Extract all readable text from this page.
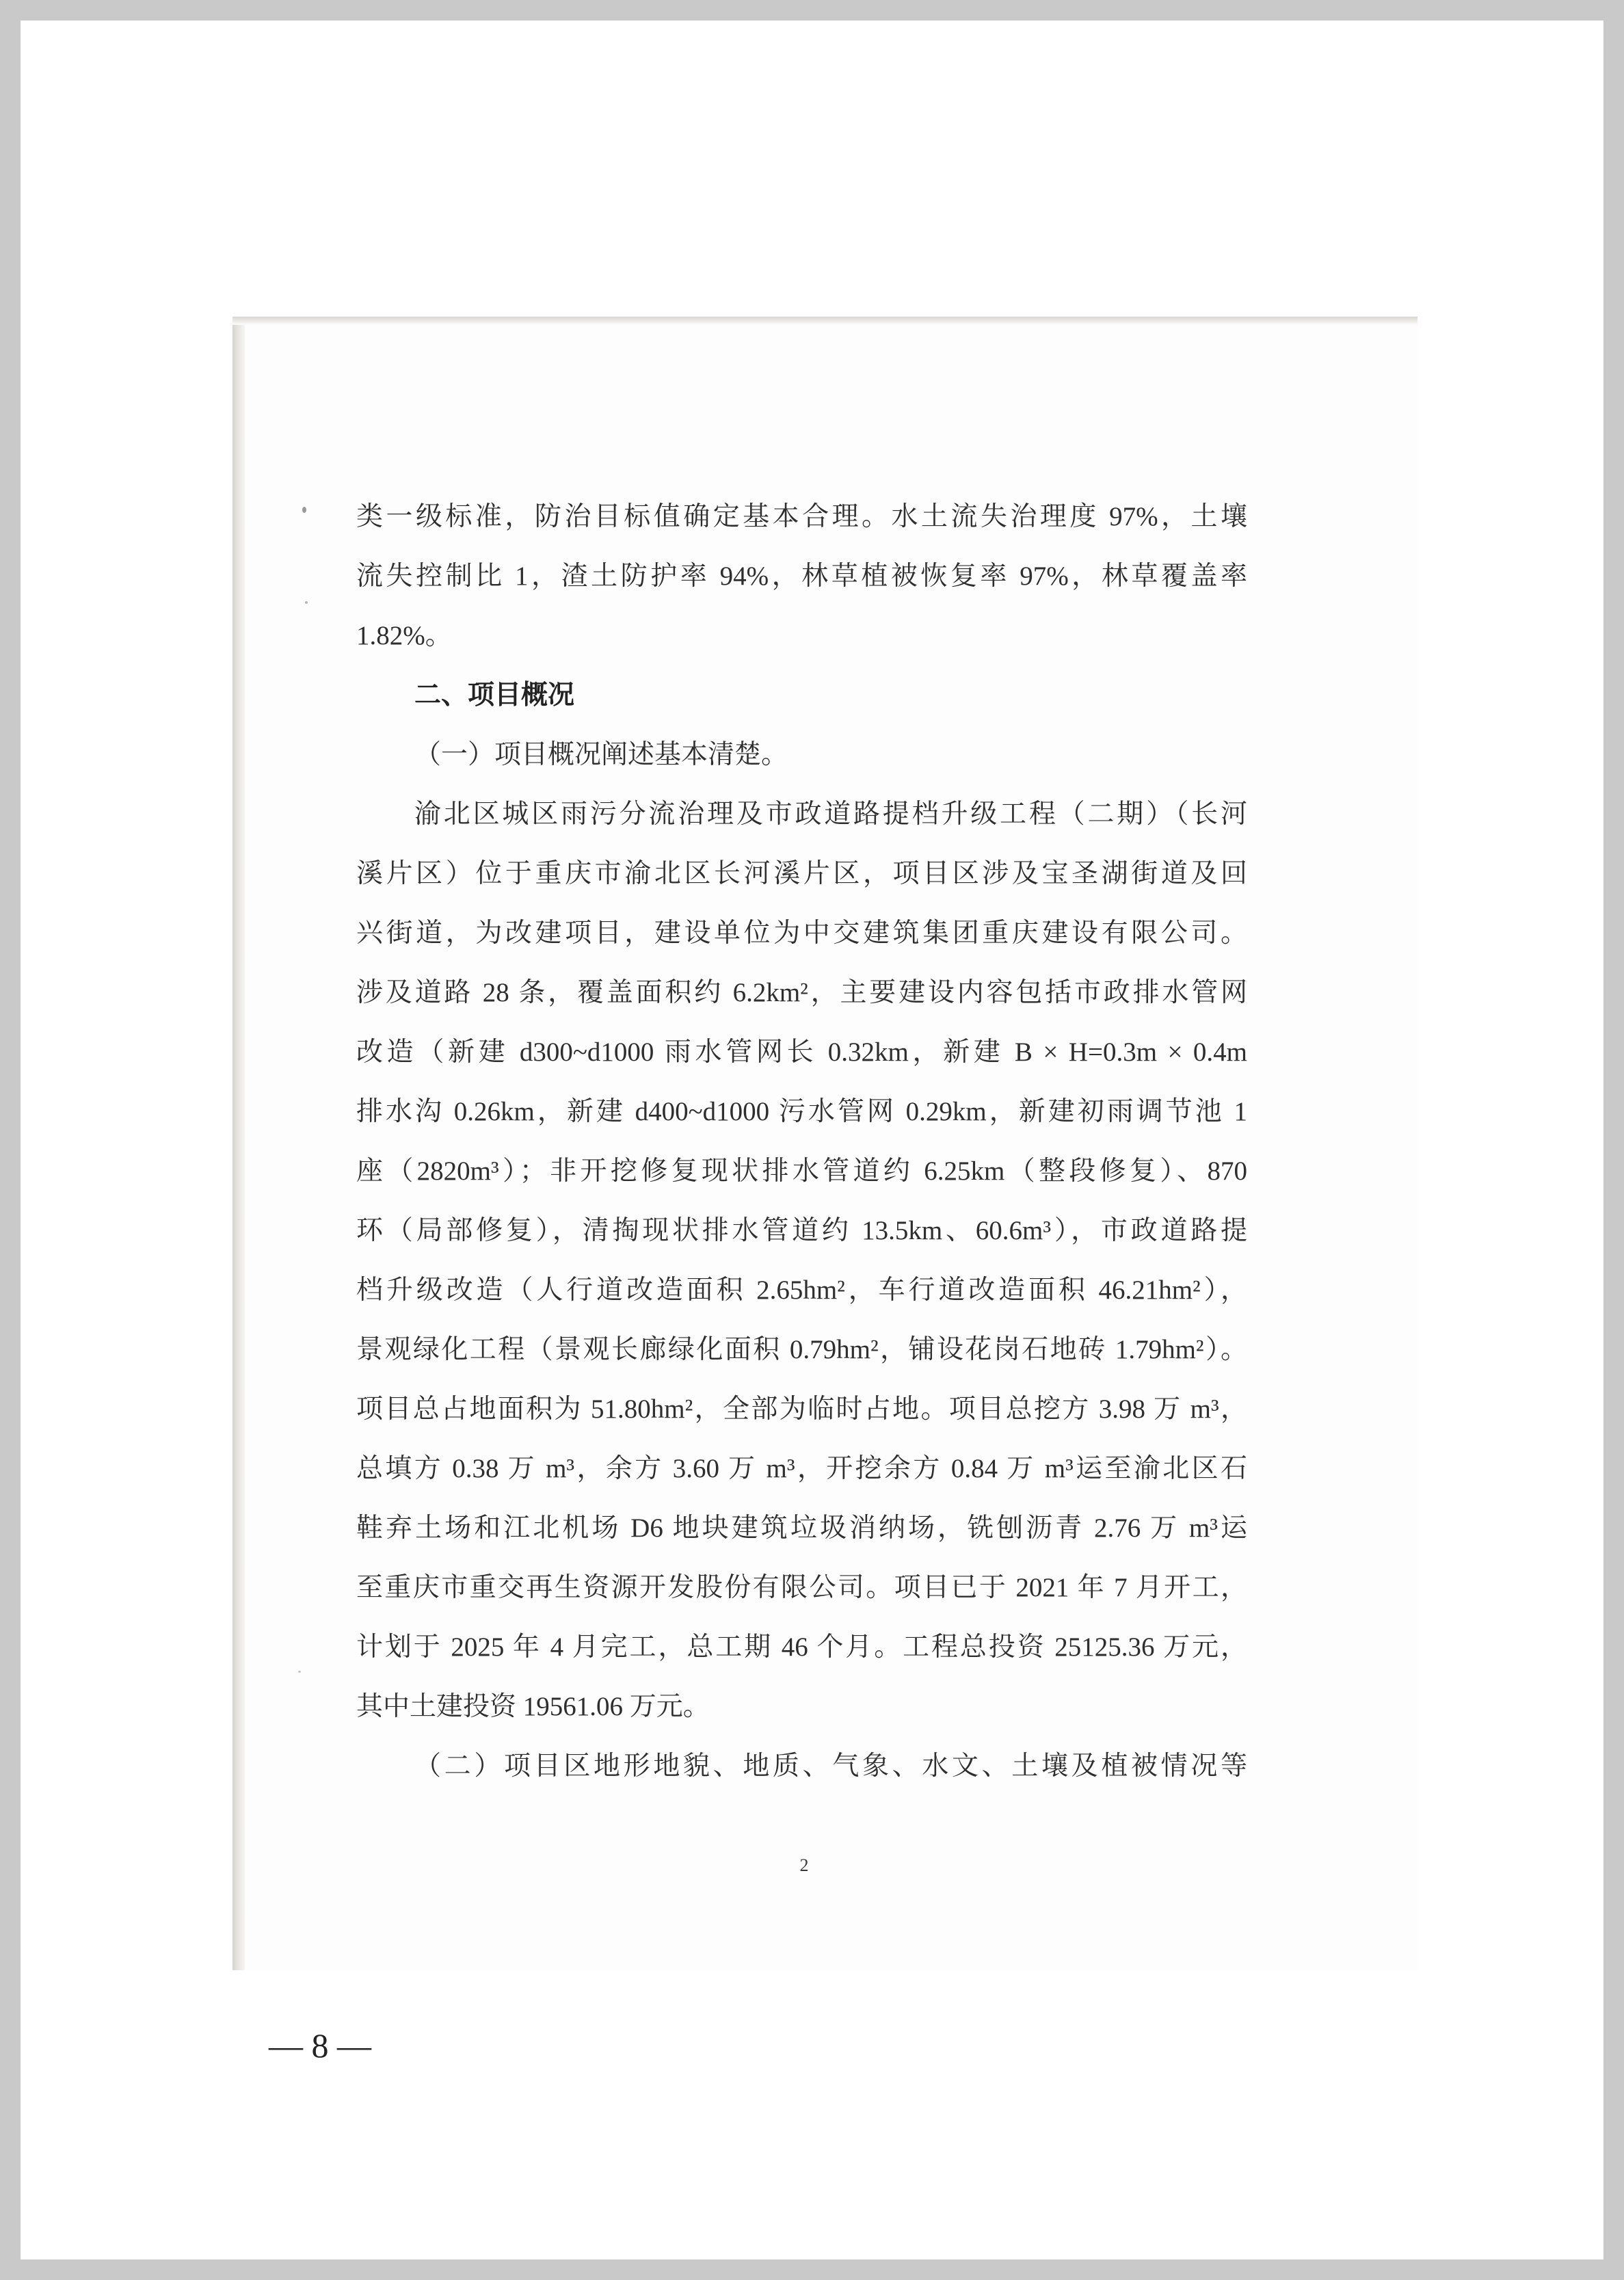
类一级标准，防治目标值确定基本合理。水土流失治理度 97%，土壤
流失控制比 1，渣土防护率 94%，林草植被恢复率 97%，林草覆盖率
1.82%。
二、项目概况
（一）项目概况阐述基本清楚。
渝北区城区雨污分流治理及市政道路提档升级工程（二期）（长河
溪片区）位于重庆市渝北区长河溪片区，项目区涉及宝圣湖街道及回
兴街道，为改建项目，建设单位为中交建筑集团重庆建设有限公司。
涉及道路 28 条，覆盖面积约 6.2km²，主要建设内容包括市政排水管网
改造（新建 d300~d1000 雨水管网长 0.32km，新建 B × H=0.3m × 0.4m
排水沟 0.26km，新建 d400~d1000 污水管网 0.29km，新建初雨调节池 1
座（2820m³）；非开挖修复现状排水管道约 6.25km（整段修复）、870
环（局部修复），清掏现状排水管道约 13.5km、60.6m³），市政道路提
档升级改造（人行道改造面积 2.65hm²，车行道改造面积 46.21hm²），
景观绿化工程（景观长廊绿化面积 0.79hm²，铺设花岗石地砖 1.79hm²）。
项目总占地面积为 51.80hm²，全部为临时占地。项目总挖方 3.98 万 m³，
总填方 0.38 万 m³，余方 3.60 万 m³，开挖余方 0.84 万 m³运至渝北区石
鞋弃土场和江北机场 D6 地块建筑垃圾消纳场，铣刨沥青 2.76 万 m³运
至重庆市重交再生资源开发股份有限公司。项目已于 2021 年 7 月开工，
计划于 2025 年 4 月完工，总工期 46 个月。工程总投资 25125.36 万元，
其中土建投资 19561.06 万元。
（二）项目区地形地貌、地质、气象、水文、土壤及植被情况等
2
— 8 —
